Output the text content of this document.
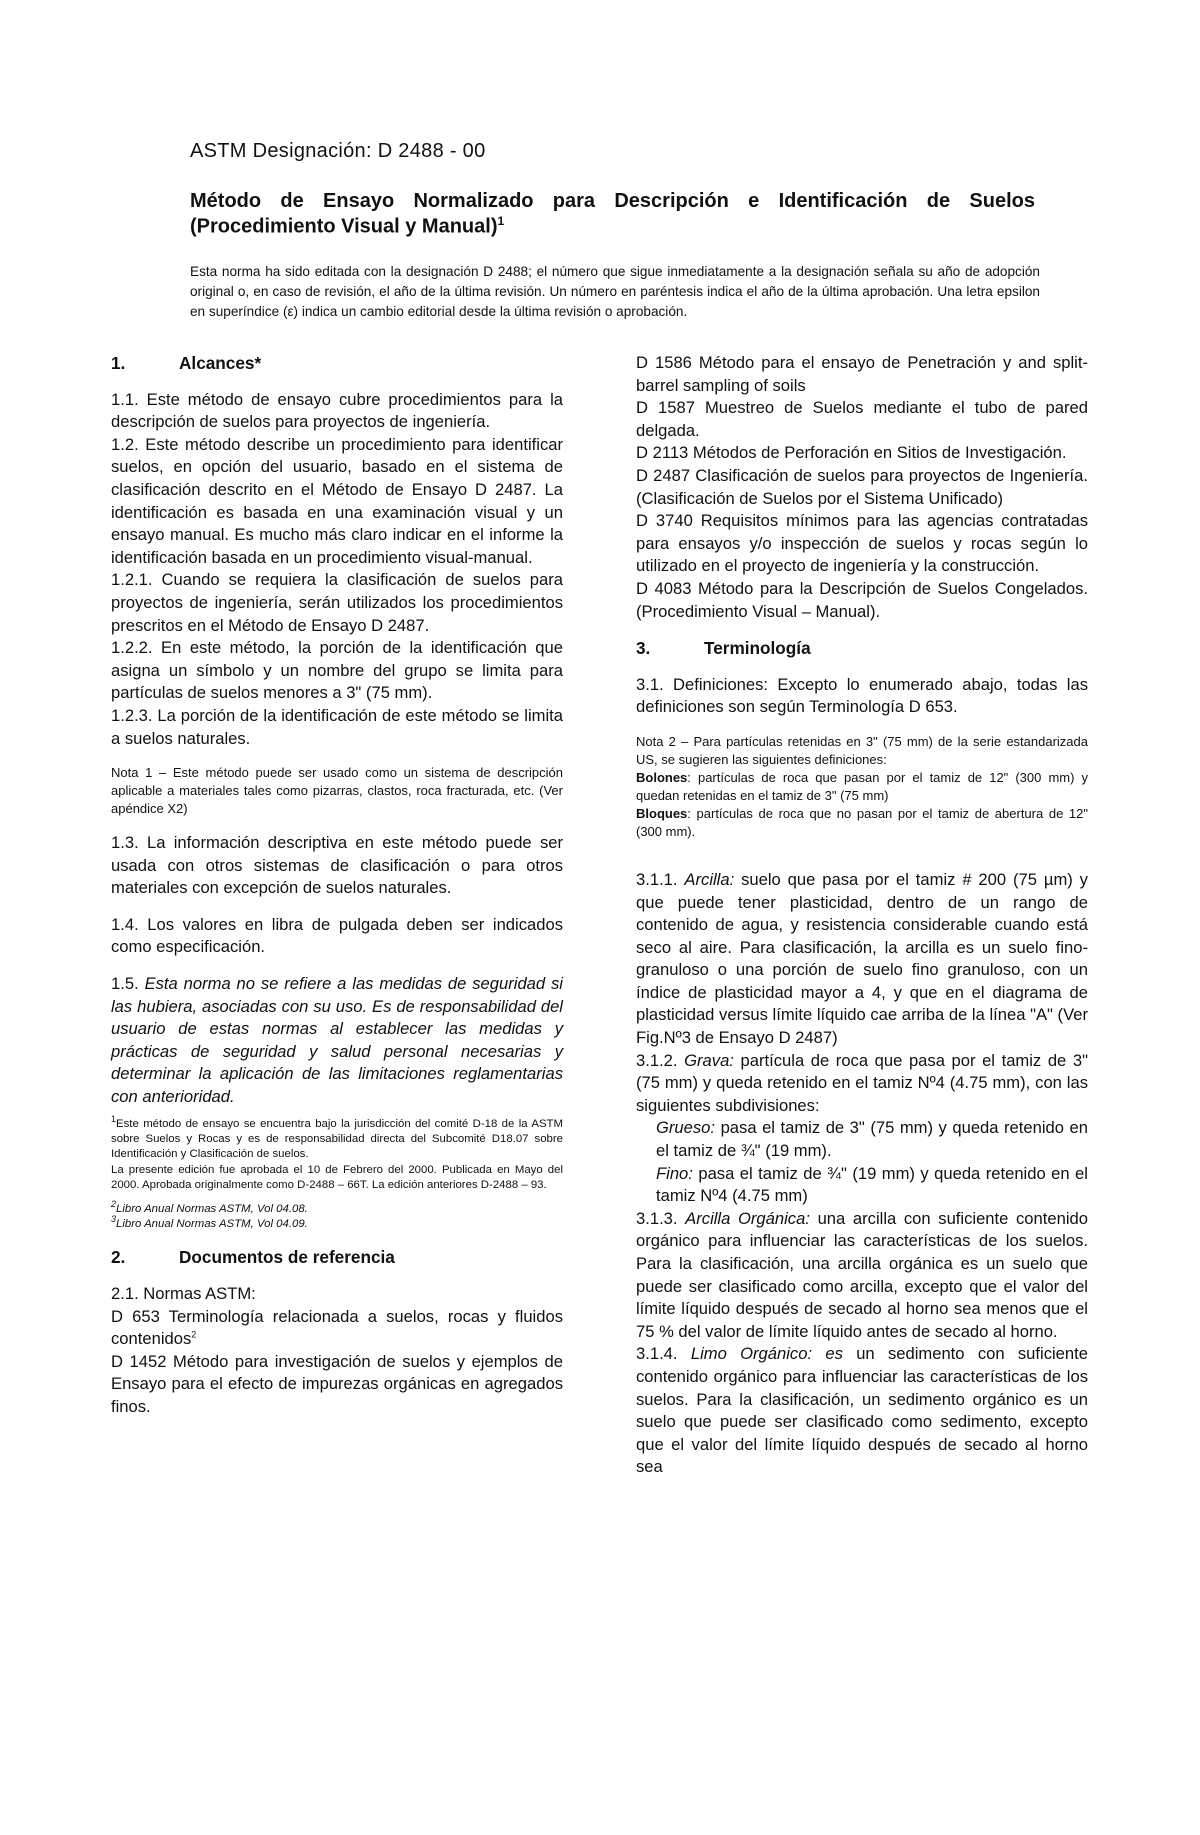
ASTM Designación: D 2488 - 00
Método de Ensayo Normalizado para Descripción e Identificación de Suelos
(Procedimiento Visual y Manual)$^1$
Esta norma ha sido editada con la designación D 2488; el número que sigue inmediatamente a la designación señala su año de adopción original o, en caso de revisión, el año de la última revisión. Un número en paréntesis indica el año de la última aprobación. Una letra epsilon en superíndice (ε) indica un cambio editorial desde la última revisión o aprobación.
1.	Alcances*

1.1. Este método de ensayo cubre procedimientos para la descripción de suelos para proyectos de ingeniería.

1.2. Este método describe un procedimiento para identificar suelos, en opción del usuario, basado en el sistema de clasificación descrito en el Método de Ensayo D 2487. La identificación es basada en una examinación visual y un ensayo manual. Es mucho más claro indicar en el informe la identificación basada en un procedimiento visual-manual.

1.2.1. Cuando se requiera la clasificación de suelos para proyectos de ingeniería, serán utilizados los procedimientos prescritos en el Método de Ensayo D 2487.

1.2.2. En este método, la porción de la identificación que asigna un símbolo y un nombre del grupo se limita para partículas de suelos menores a 3" (75 mm).

1.2.3. La porción de la identificación de este método se limita a suelos naturales.

Nota 1 – Este método puede ser usado como un sistema de descripción aplicable a materiales tales como pizarras, clastos, roca fracturada, etc. (Ver apéndice X2)

1.3. La información descriptiva en este método puede ser usada con otros sistemas de clasificación o para otros materiales con excepción de suelos naturales.

1.4. Los valores en libra de pulgada deben ser indicados como especificación.

1.5. Esta norma no se refiere a las medidas de seguridad si las hubiera, asociadas con su uso. Es de responsabilidad del usuario de estas normas al establecer las medidas y prácticas de seguridad y salud personal necesarias y determinar la aplicación de las limitaciones reglamentarias con anterioridad.

$^1$Este método de ensayo se encuentra bajo la jurisdicción del comité D-18 de la ASTM sobre Suelos y Rocas y es de responsabilidad directa del Subcomité D18.07 sobre Identificación y Clasificación de suelos.

La presente edición fue aprobada el 10 de Febrero del 2000. Publicada en Mayo del 2000. Aprobada originalmente como D-2488 – 66T. La edición anteriores D-2488 – 93.

$^2$Libro Anual Normas ASTM, Vol 04.08.

$^3$Libro Anual Normas ASTM, Vol 04.09.

2.	Documentos de referencia

2.1. Normas ASTM:

D 653 Terminología relacionada a suelos, rocas y fluidos contenidos$^2$

D 1452 Método para investigación de suelos y ejemplos de Ensayo para el efecto de impurezas orgánicas en agregados finos.

D 1586 Método para el ensayo de Penetración y and split-barrel sampling of soils

D 1587 Muestreo de Suelos mediante el tubo de pared delgada.

D 2113 Métodos de Perforación en Sitios de Investigación.

D 2487 Clasificación de suelos para proyectos de Ingeniería. (Clasificación de Suelos por el Sistema Unificado)

D 3740 Requisitos mínimos para las agencias contratadas para ensayos y/o inspección de suelos y rocas según lo utilizado en el proyecto de ingeniería y la construcción.

D 4083 Método para la Descripción de Suelos Congelados. (Procedimiento Visual – Manual).

3.	Terminología

3.1. Definiciones: Excepto lo enumerado abajo, todas las definiciones son según Terminología D 653.

Nota 2 – Para partículas retenidas en 3" (75 mm) de la serie estandarizada US, se sugieren las siguientes definiciones:

Bolones: partículas de roca que pasan por el tamiz de 12" (300 mm) y quedan retenidas en el tamiz de 3" (75 mm)

Bloques: partículas de roca que no pasan por el tamiz de abertura de 12" (300 mm).

3.1.1. Arcilla: suelo que pasa por el tamiz # 200 (75 µm) y que puede tener plasticidad, dentro de un rango de contenido de agua, y resistencia considerable cuando está seco al aire. Para clasificación, la arcilla es un suelo fino-granuloso o una porción de suelo fino granuloso, con un índice de plasticidad mayor a 4, y que en el diagrama de plasticidad versus límite líquido cae arriba de la línea "A" (Ver Fig.Nº3 de Ensayo D 2487)

3.1.2. Grava: partícula de roca que pasa por el tamiz de 3" (75 mm) y queda retenido en el tamiz Nº4 (4.75 mm), con las siguientes subdivisiones:

Grueso: pasa el tamiz de 3" (75 mm) y queda retenido en el tamiz de ¾" (19 mm).

Fino: pasa el tamiz de ¾" (19 mm) y queda retenido en el tamiz Nº4 (4.75 mm)

3.1.3. Arcilla Orgánica: una arcilla con suficiente contenido orgánico para influenciar las características de los suelos. Para la clasificación, una arcilla orgánica es un suelo que puede ser clasificado como arcilla, excepto que el valor del límite líquido después de secado al horno sea menos que el 75 % del valor de límite líquido antes de secado al horno.

3.1.4. Limo Orgánico: es un sedimento con suficiente contenido orgánico para influenciar las características de los suelos. Para la clasificación, un sedimento orgánico es un suelo que puede ser clasificado como sedimento, excepto que el valor del límite líquido después de secado al horno sea
